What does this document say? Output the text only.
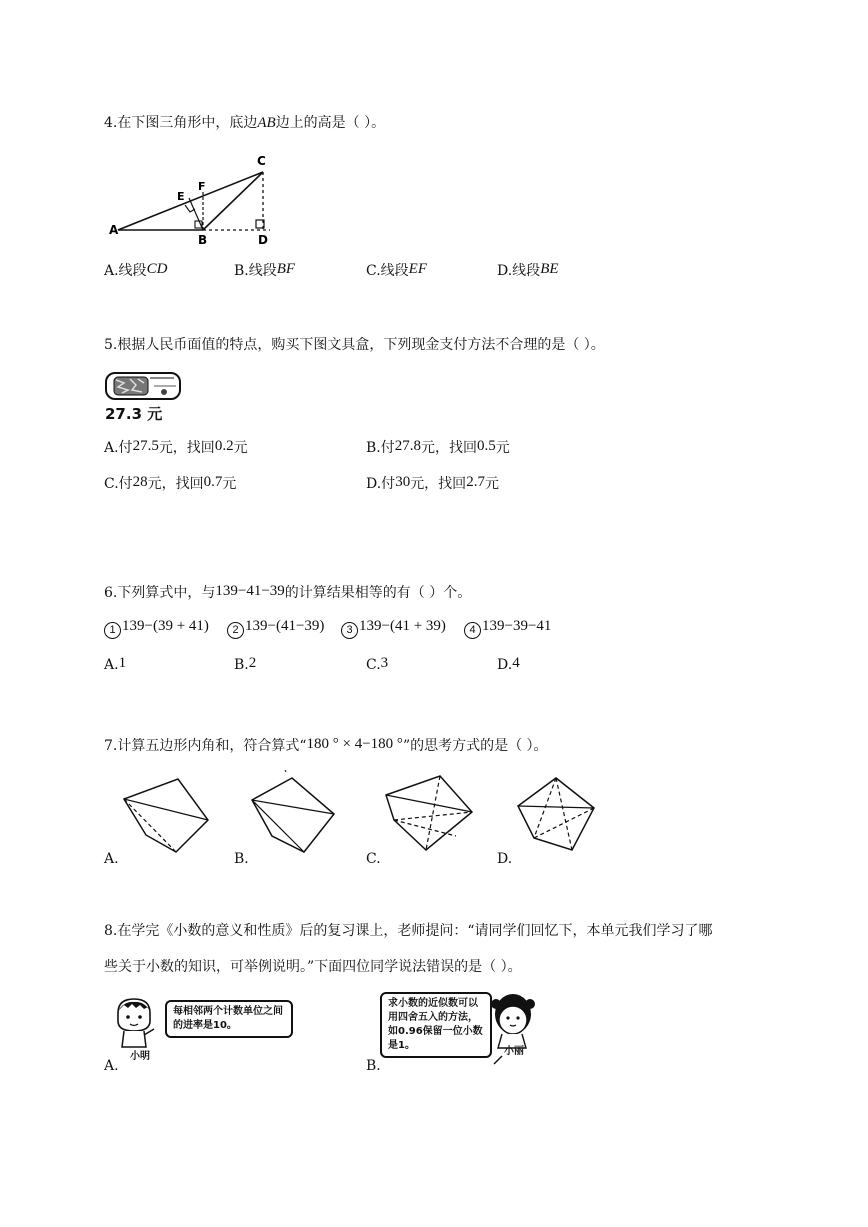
4.在下图三角形中，底边AB边上的高是（ ）。
C
E
F
A
B	D
A.线段CD	B.线段BF	C.线段EF	D.线段BE
5.根据人民币面值的特点，购买下图文具盒，下列现金支付方法不合理的是（ ）。
27.3 元
A.付27.5元，找回0.2元	B.付27.8元，找回0.5元
C.付28元，找回0.7元	D.付30元，找回2.7元
6.下列算式中，与139−41−39的计算结果相等的有（ ）个。
1 139−(39 + 41)	2 139−(41−39)	3 139−(41 + 39)	4 139−39−41
A.1	B.2	C.3	D.4
7.计算五边形内角和，符合算式“180 ° × 4−180 °”的思考方式的是（ ）。
A.	B.	C.	D.
8.在学完《小数的意义和性质》后的复习课上，老师提问：“请同学们回忆下，本单元我们学习了哪
些关于小数的知识，可举例说明。”下面四位同学说法错误的是（ ）。
小明
每相邻两个计数单位之间的进率是10。
A.
求小数的近似数可以用四舍五入的方法，如0.96保留一位小数是1。
小丽
B.
